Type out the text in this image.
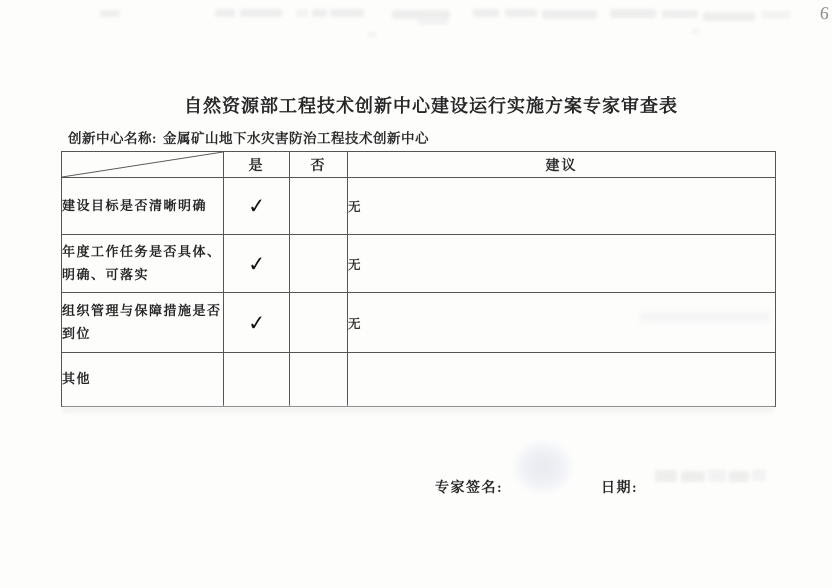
6
自然资源部工程技术创新中心建设运行实施方案专家审查表
创新中心名称: 金属矿山地下水灾害防治工程技术创新中心
	是	否	建议
建设目标是否清晰明确	✓		无
年度工作任务是否具体、明确、可落实	✓		无
组织管理与保障措施是否到位	✓		无
其他			
专家签名:	日期:
